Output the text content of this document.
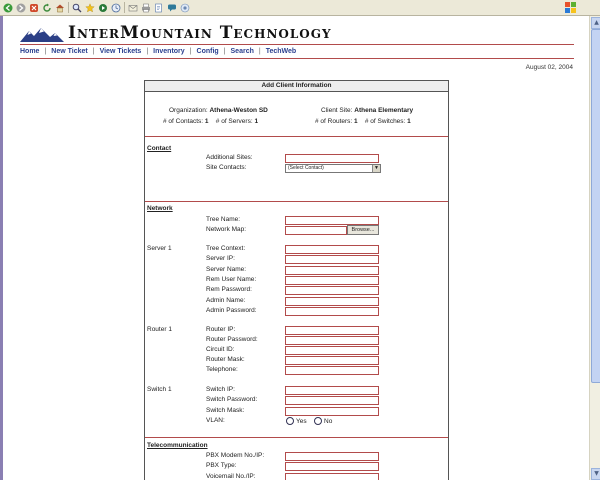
InterMountain Technology
Home | New Ticket | View Tickets | Inventory | Config | Search | TechWeb
August 02, 2004
Add Client Information
Organization: Athena-Weston SD	Client Site: Athena Elementary
# of Contacts: 1 # of Servers: 1	# of Routers: 1 # of Switches: 1
Contact
Additional Sites:
Site Contacts:	(Select Contact)	▼
Network
Tree Name:
Network Map:	Browse...
Server 1	Tree Context:
Server IP:
Server Name:
Rem User Name:
Rem Password:
Admin Name:
Admin Password:
Router 1	Router IP:
Router Password:
Circuit ID:
Router Mask:
Telephone:
Switch 1	Switch IP:
Switch Password:
Switch Mask:
VLAN:	Yes	No
Telecommunication
PBX Modem No./IP:
PBX Type:
Voicemail No./IP:
▲
▼
